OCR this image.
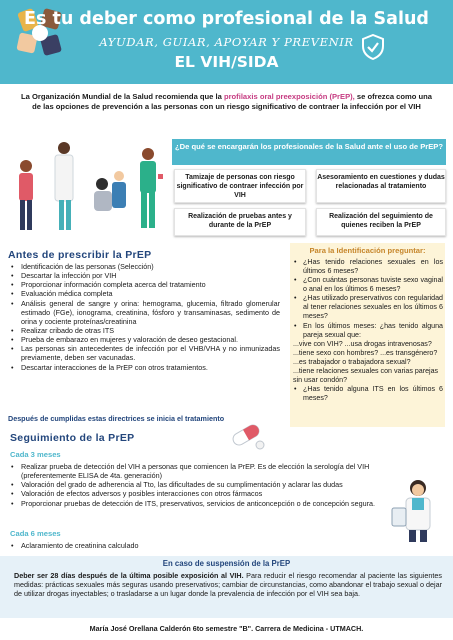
Es tu deber como profesional de la Salud
AYUDAR, GUIAR, APOYAR Y PREVENIR
EL VIH/SIDA
La Organización Mundial de la Salud recomienda que la profilaxis oral preexposición (PrEP), se ofrezca como una de las opciones de prevención a las personas con un riesgo significativo de contraer la infección por el VIH
¿De qué se encargarán los profesionales de la Salud ante el uso de PrEP?
Tamizaje de personas con riesgo significativo de contraer infección por VIH
Asesoramiento en cuestiones y dudas relacionadas al tratamiento
Realización de pruebas antes y durante de la PrEP
Realización del seguimiento de quienes reciben la PrEP
Antes de prescribir la PrEP
• Identificación de las personas (Selección)
• Descartar la infección por VIH
• Proporcionar información completa acerca del tratamiento
• Evaluación médica completa
• Análisis general de sangre y orina: hemograma, glucemia, filtrado glomerular estimado (FGe), ionograma, creatinina, fósforo y transaminasas, sedimento de orina y cociente proteínas/creatinina
• Realizar cribado de otras ITS
• Prueba de embarazo en mujeres y valoración de deseo gestacional.
• Las personas sin antecedentes de infección por el VHB/VHA y no inmunizadas previamente, deben ser vacunadas.
• Descartar interacciones de la PrEP con otros tratamientos.
Después de cumplidas estas directrices se inicia el tratamiento
Para la Identificación preguntar:
• ¿Has tenido relaciones sexuales en los últimos 6 meses?
• ¿Con cuántas personas tuviste sexo vaginal o anal en los últimos 6 meses?
• ¿Has utilizado preservativos con regularidad al tener relaciones sexuales en los últimos 6 meses?
• En los últimos meses: ¿has tenido alguna pareja sexual que:
...vive con VIH? ...usa drogas intravenosas?
...tiene sexo con hombres? ...es transgénero?
...es trabajador o trabajadora sexual?
...tiene relaciones sexuales con varias parejas sin usar condón?
• ¿Has tenido alguna ITS en los últimos 6 meses?
Seguimiento de la PrEP
Cada 3 meses
• Realizar prueba de detección del VIH a personas que comiencen la PrEP. Es de elección la serología del VIH (preferentemente ELISA de 4ta. generación)
• Valoración del grado de adherencia al Tto, las dificultades de su cumplimentación y aclarar las dudas
• Valoración de efectos adversos y posibles interacciones con otros fármacos
• Proporcionar pruebas de detección de ITS, preservativos, servicios de anticoncepción o de concepción segura.
Cada 6 meses
• Aclaramiento de creatinina calculado
En caso de suspensión de la PrEP
Deber ser 28 días después de la última posible exposición al VIH. Para reducir el riesgo recomendar al paciente las siguientes medidas: prácticas sexuales más seguras usando preservativos; cambiar de circunstancias, como abandonar el trabajo sexual o dejar de utilizar drogas inyectables; o trasladarse a un lugar donde la prevalencia de infección por el VIH sea baja.
María José Orellana Calderón 6to semestre "B". Carrera de Medicina - UTMACH.
